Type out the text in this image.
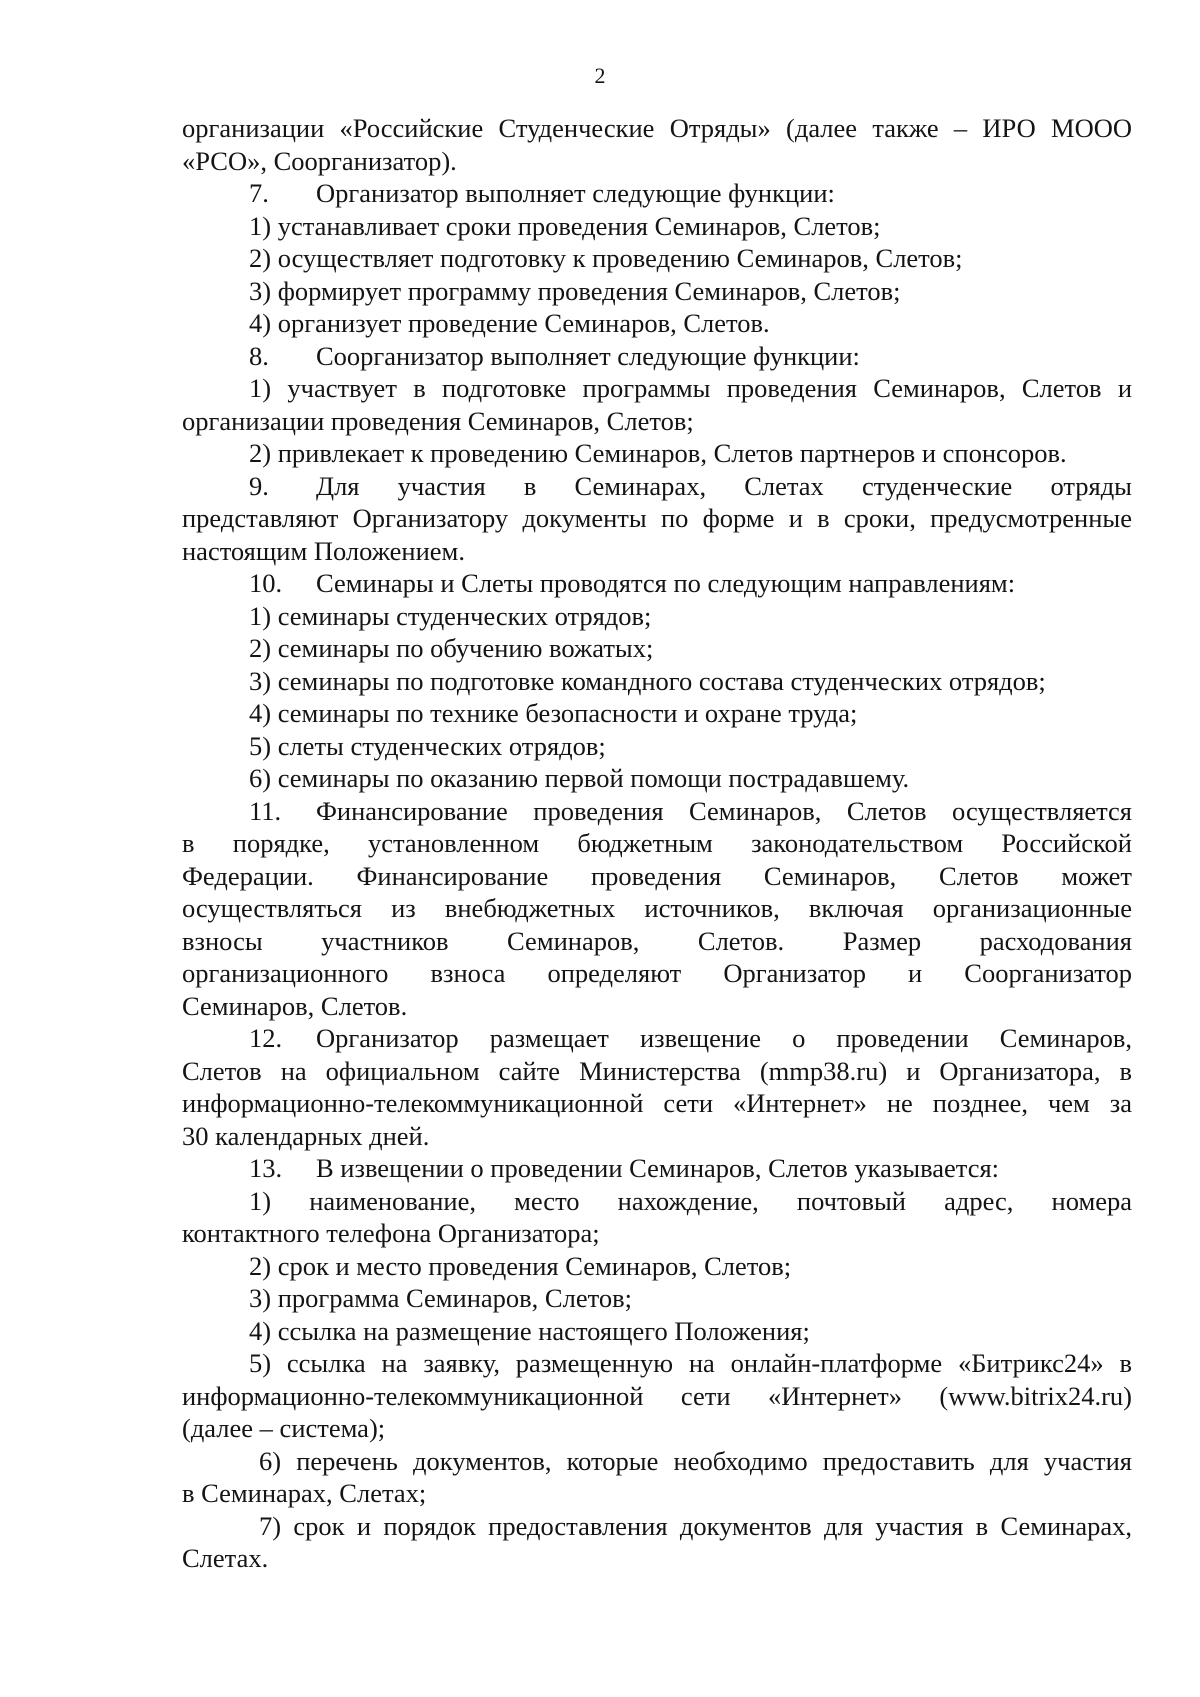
2
организации «Российские Студенческие Отряды» (далее также – ИРО МООО
«РСО», Соорганизатор).
7. Организатор выполняет следующие функции:
1) устанавливает сроки проведения Семинаров, Слетов;
2) осуществляет подготовку к проведению Семинаров, Слетов;
3) формирует программу проведения Семинаров, Слетов;
4) организует проведение Семинаров, Слетов.
8. Соорганизатор выполняет следующие функции:
1) участвует в подготовке программы проведения Семинаров, Слетов и
организации проведения Семинаров, Слетов;
2) привлекает к проведению Семинаров, Слетов партнеров и спонсоров.
9. Для участия в Семинарах, Слетах студенческие отряды
представляют Организатору документы по форме и в сроки, предусмотренные
настоящим Положением.
10. Семинары и Слеты проводятся по следующим направлениям:
1) семинары студенческих отрядов;
2) семинары по обучению вожатых;
3) семинары по подготовке командного состава студенческих отрядов;
4) семинары по технике безопасности и охране труда;
5) слеты студенческих отрядов;
6) семинары по оказанию первой помощи пострадавшему.
11. Финансирование проведения Семинаров, Слетов осуществляется
в порядке, установленном бюджетным законодательством Российской
Федерации. Финансирование проведения Семинаров, Слетов может
осуществляться из внебюджетных источников, включая организационные
взносы участников Семинаров, Слетов. Размер расходования
организационного взноса определяют Организатор и Соорганизатор
Семинаров, Слетов.
12. Организатор размещает извещение о проведении Семинаров,
Слетов на официальном сайте Министерства (mmp38.ru) и Организатора, в
информационно-телекоммуникационной сети «Интернет» не позднее, чем за
30 календарных дней.
13. В извещении о проведении Семинаров, Слетов указывается:
1) наименование, место нахождение, почтовый адрес, номера
контактного телефона Организатора;
2) срок и место проведения Семинаров, Слетов;
3) программа Семинаров, Слетов;
4) ссылка на размещение настоящего Положения;
5) ссылка на заявку, размещенную на онлайн-платформе «Битрикс24» в
информационно-телекоммуникационной сети «Интернет» (www.bitrix24.ru)
(далее – система);
6) перечень документов, которые необходимо предоставить для участия
в Семинарах, Слетах;
7) срок и порядок предоставления документов для участия в Семинарах,
Слетах.
